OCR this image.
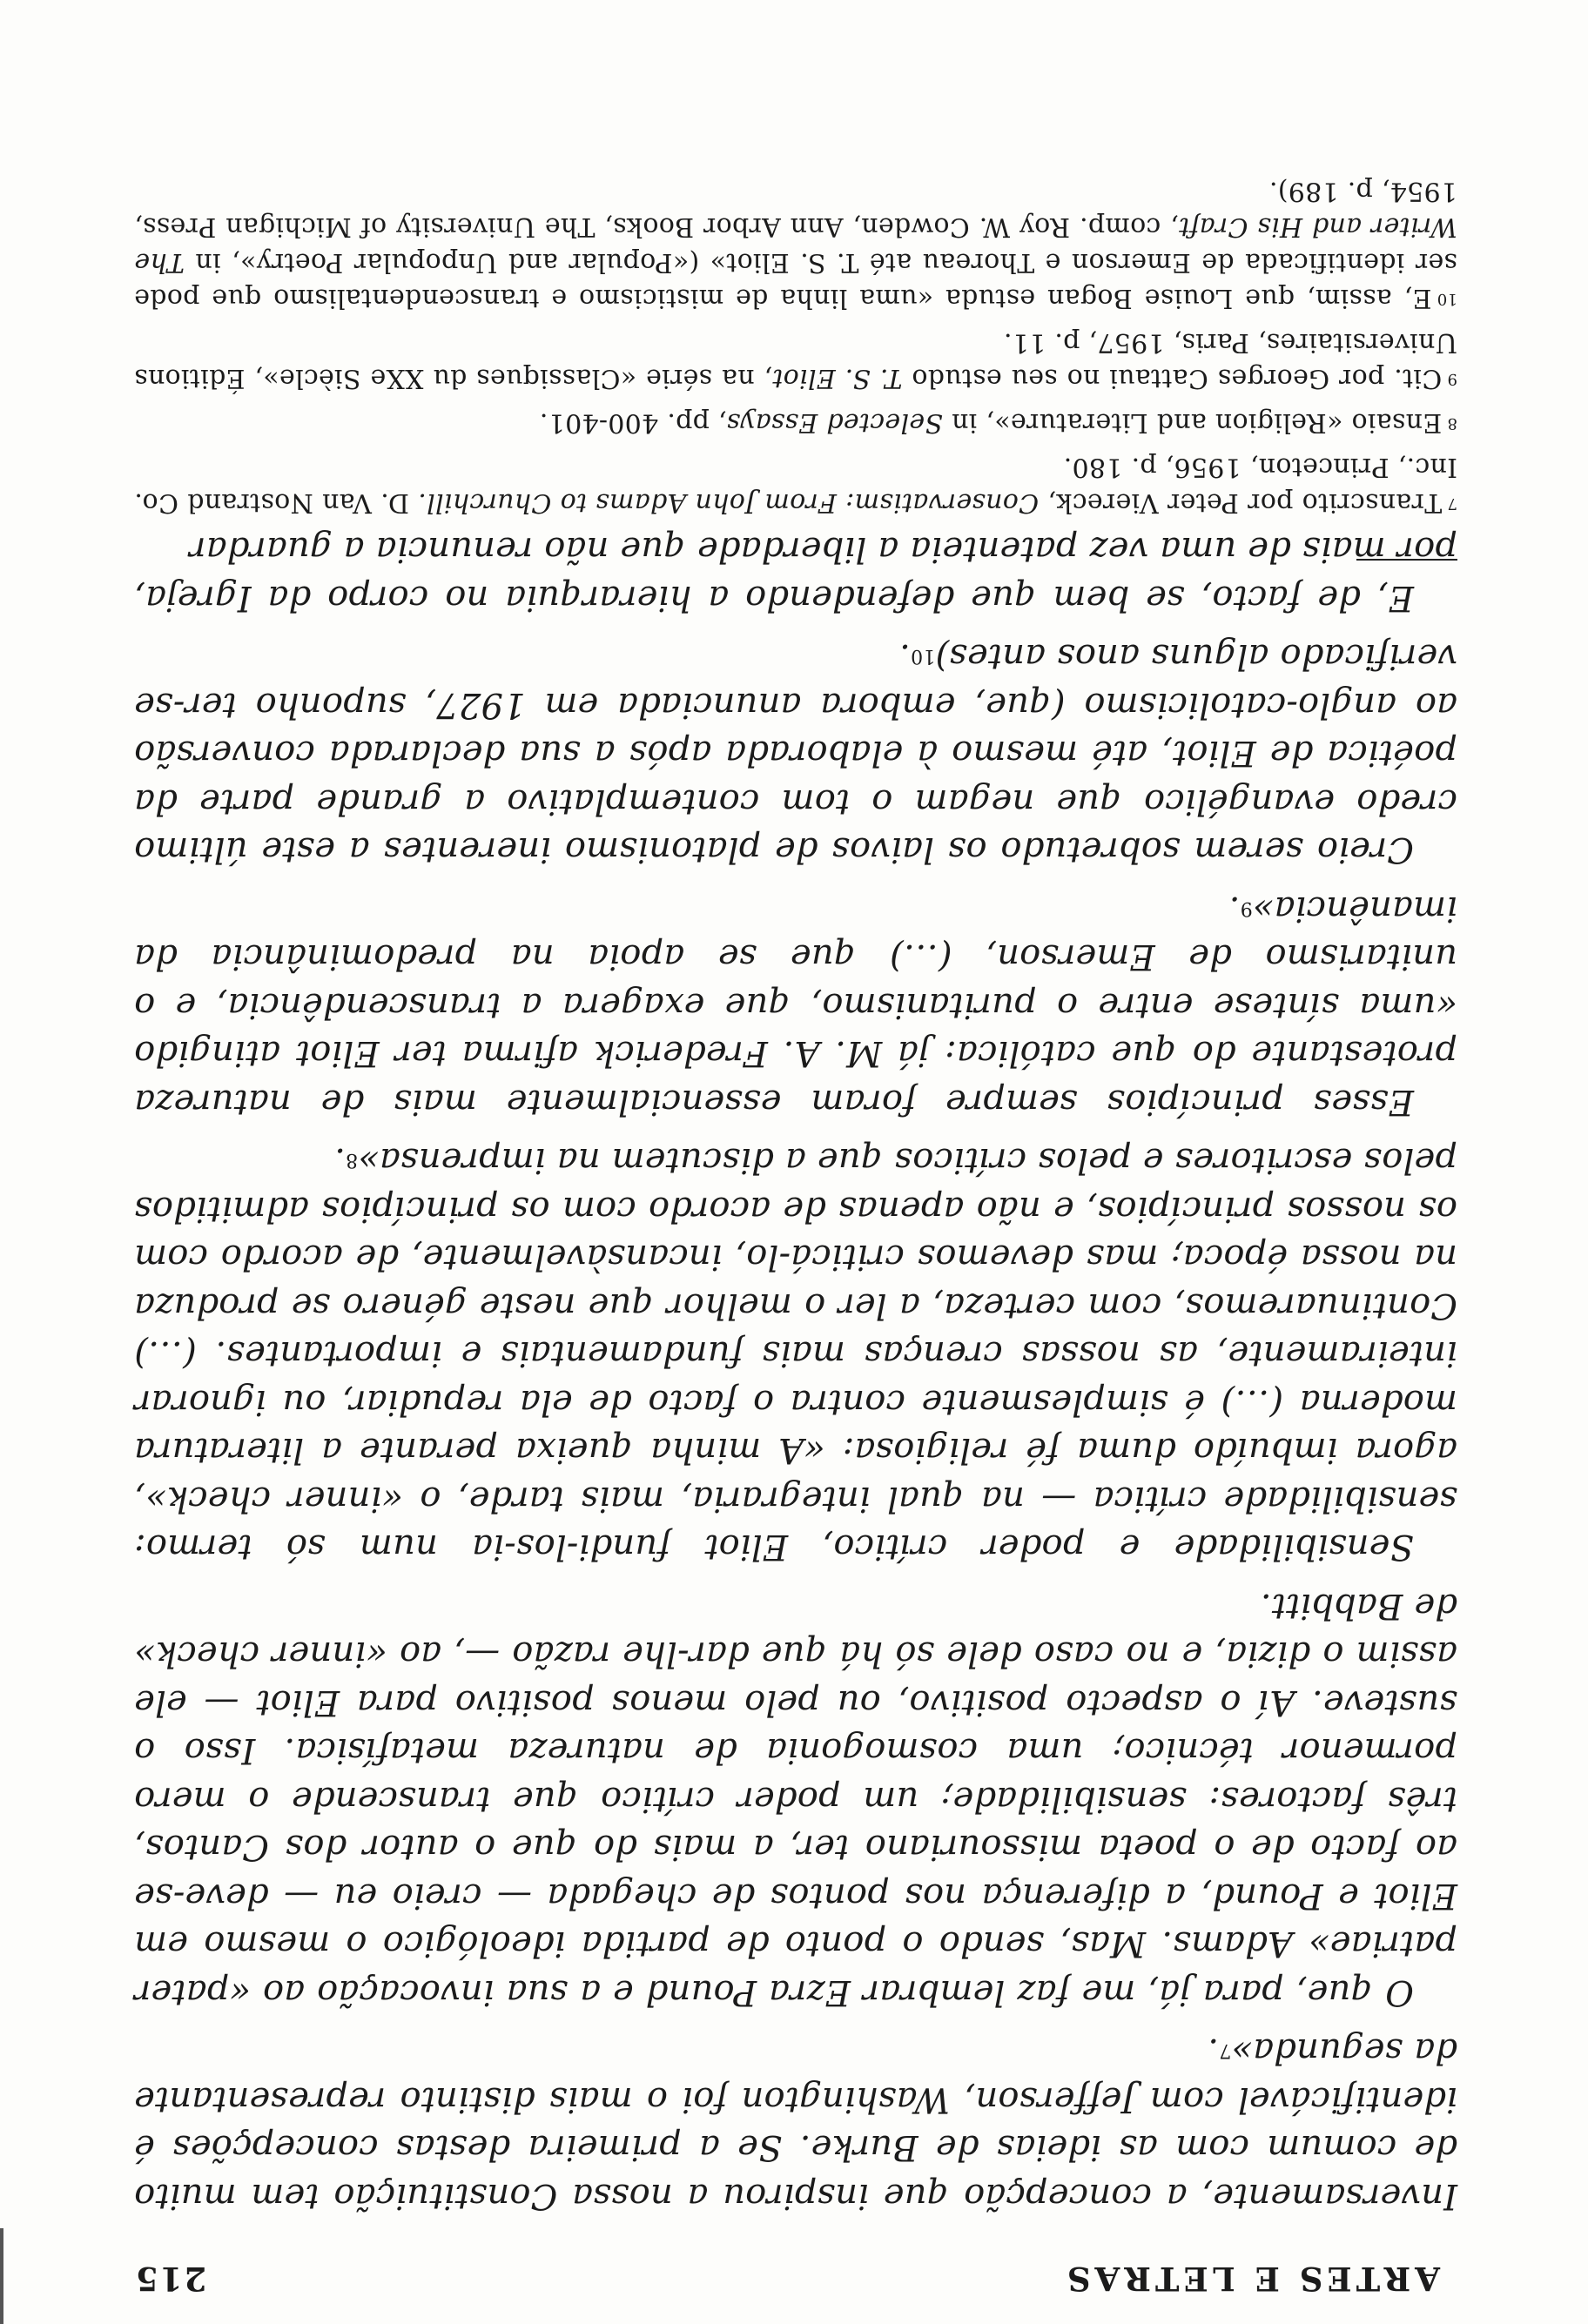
ARTES E LETRAS
215

Inversamente, a concepção que inspirou a nossa Constituição tem muito de comum com as ideias de Burke. Se a primeira destas concepções é identificável com Jefferson, Washington foi o mais distinto representante da segunda»$^7$.

O que, para já, me faz lembrar Ezra Pound e a sua invocação ao «pater patriae» Adams. Mas, sendo o ponto de partida ideológico o mesmo em Eliot e Pound, a diferença nos pontos de chegada — creio eu — deve-se ao facto de o poeta missouriano ter, a mais do que o autor dos Cantos, três factores: sensibilidade; um poder crítico que transcende o mero pormenor técnico; uma cosmogonia de natureza metafísica. Isso o susteve. Aí o aspecto positivo, ou pelo menos positivo para Eliot — ele assim o dizia, e no caso dele só há que dar-lhe razão —, ao «inner check» de Babbitt.

Sensibilidade e poder crítico, Eliot fundi-los-ia num só termo: sensibilidade crítica — na qual integraria, mais tarde, o «inner check», agora imbuído duma fé religiosa: «A minha queixa perante a literatura moderna (…) é simplesmente contra o facto de ela repudiar, ou ignorar inteiramente, as nossas crenças mais fundamentais e importantes. (…) Continuaremos, com certeza, a ler o melhor que neste género se produza na nossa época; mas devemos criticá-lo, incansàvelmente, de acordo com os nossos princípios, e não apenas de acordo com os princípios admitidos pelos escritores e pelos críticos que a discutem na imprensa»$^8$.

Esses princípios sempre foram essencialmente mais de natureza protestante do que católica: já M. A. Frederick afirma ter Eliot atingido «uma síntese entre o puritanismo, que exagera a transcendência, e o unitarismo de Emerson, (…) que se apoia na predominância da imanência»$^9$.

Creio serem sobretudo os laivos de platonismo inerentes a este último credo evangélico que negam o tom contemplativo a grande parte da poética de Eliot, até mesmo à elaborada após a sua declarada conversão ao anglo-catolicismo (que, embora anunciada em 1927, suponho ter-se verificado alguns anos antes)$^{10}$.

E, de facto, se bem que defendendo a hierarquia no corpo da Igreja, por mais de uma vez patenteia a liberdade que não renuncia a guardar

7Transcrito por Peter Viereck, Conservatism: From John Adams to Churchill. D. Van Nostrand Co. Inc., Princeton, 1956, p. 180.

8Ensaio «Religion and Literature», in Selected Essays, pp. 400-401.

9Cit. por Georges Cattaui no seu estudo T. S. Eliot, na série «Classiques du XXe Siècle», Éditions Universitaires, Paris, 1957, p. 11.

10E, assim, que Louise Bogan estuda «uma linha de misticismo e transcendentalismo que pode ser identificada de Emerson e Thoreau até T. S. Eliot» («Popular and Unpopular Poetry», in The Writer and His Craft, comp. Roy W. Cowden, Ann Arbor Books, The University of Michigan Press, 1954, p. 189).
